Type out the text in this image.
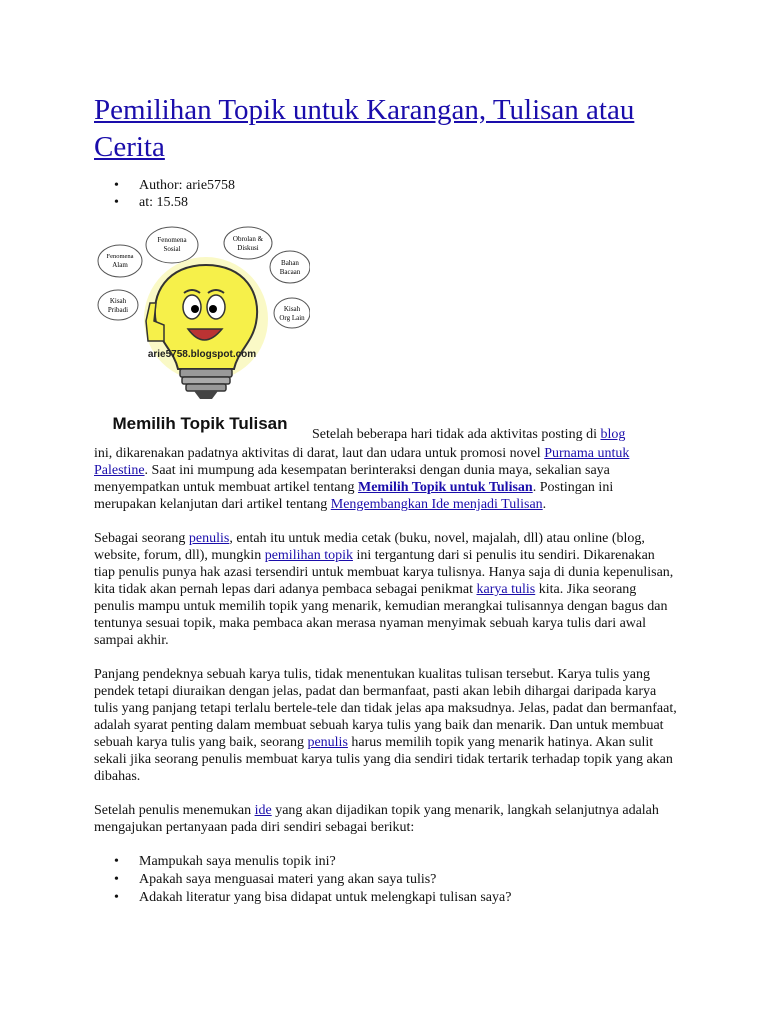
Pemilihan Topik untuk Karangan, Tulisan atau Cerita
• Author: arie5758
• at: 15.58
Fenomena
Sosial
Obrolan &
Diskusi
Fenomena
Alam	Bahan
Bacaan
Kisah
Pribadi	Kisah
Org Lain
arie5758.blogspot.com
Memilih Topik Tulisan
Setelah beberapa hari tidak ada aktivitas posting di blog

ini, dikarenakan padatnya aktivitas di darat, laut dan udara untuk promosi novel Purnama untuk Palestine. Saat ini mumpung ada kesempatan berinteraksi dengan dunia maya, sekalian saya menyempatkan untuk membuat artikel tentang Memilih Topik untuk Tulisan. Postingan ini merupakan kelanjutan dari artikel tentang Mengembangkan Ide menjadi Tulisan.

Sebagai seorang penulis, entah itu untuk media cetak (buku, novel, majalah, dll) atau online (blog, website, forum, dll), mungkin pemilihan topik ini tergantung dari si penulis itu sendiri. Dikarenakan tiap penulis punya hak azasi tersendiri untuk membuat karya tulisnya. Hanya saja di dunia kepenulisan, kita tidak akan pernah lepas dari adanya pembaca sebagai penikmat karya tulis kita. Jika seorang penulis mampu untuk memilih topik yang menarik, kemudian merangkai tulisannya dengan bagus dan tentunya sesuai topik, maka pembaca akan merasa nyaman menyimak sebuah karya tulis dari awal sampai akhir.

Panjang pendeknya sebuah karya tulis, tidak menentukan kualitas tulisan tersebut. Karya tulis yang pendek tetapi diuraikan dengan jelas, padat dan bermanfaat, pasti akan lebih dihargai daripada karya tulis yang panjang tetapi terlalu bertele-tele dan tidak jelas apa maksudnya. Jelas, padat dan bermanfaat, adalah syarat penting dalam membuat sebuah karya tulis yang baik dan menarik. Dan untuk membuat sebuah karya tulis yang baik, seorang penulis harus memilih topik yang menarik hatinya. Akan sulit sekali jika seorang penulis membuat karya tulis yang dia sendiri tidak tertarik terhadap topik yang akan dibahas.

Setelah penulis menemukan ide yang akan dijadikan topik yang menarik, langkah selanjutnya adalah mengajukan pertanyaan pada diri sendiri sebagai berikut:

• Mampukah saya menulis topik ini?
• Apakah saya menguasai materi yang akan saya tulis?
• Adakah literatur yang bisa didapat untuk melengkapi tulisan saya?
